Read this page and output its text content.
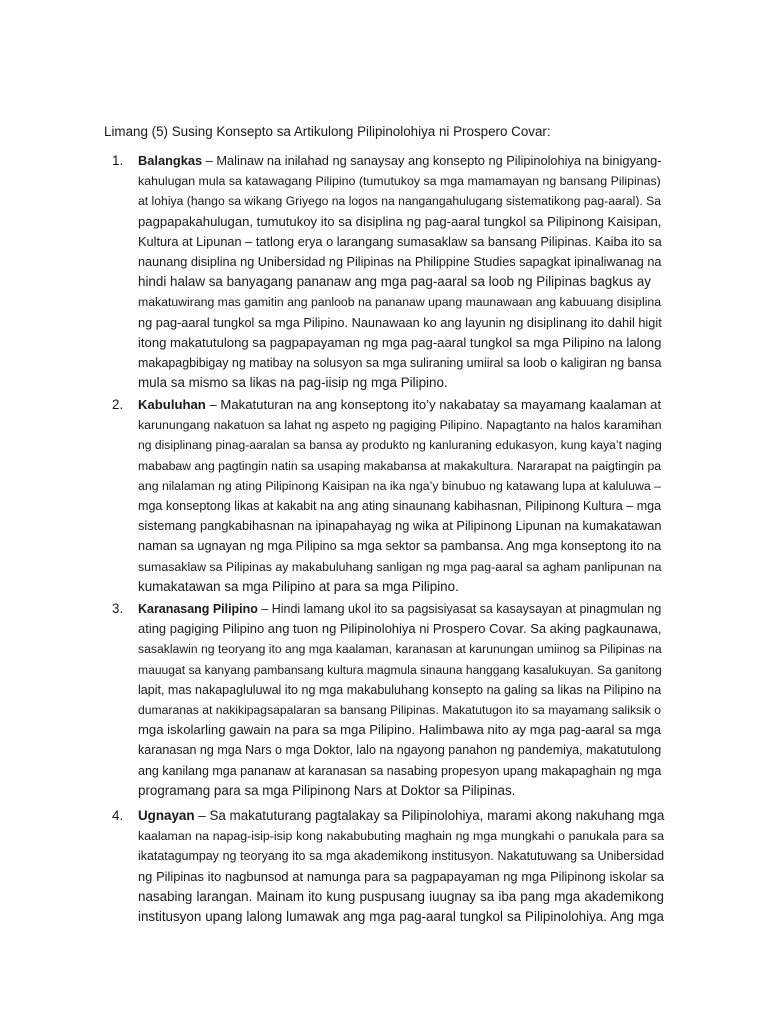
Limang (5) Susing Konsepto sa Artikulong Pilipinolohiya ni Prospero Covar:
1.	Balangkas – Malinaw na inilahad ng sanaysay ang konsepto ng Pilipinolohiya na binigyang-
kahulugan mula sa katawagang Pilipino (tumutukoy sa mga mamamayan ng bansang Pilipinas)
at lohiya (hango sa wikang Griyego na logos na nangangahulugang sistematikong pag-aaral). Sa
pagpapakahulugan, tumutukoy ito sa disiplina ng pag-aaral tungkol sa Pilipinong Kaisipan,
Kultura at Lipunan – tatlong erya o larangang sumasaklaw sa bansang Pilipinas. Kaiba ito sa
naunang disiplina ng Unibersidad ng Pilipinas na Philippine Studies sapagkat ipinaliwanag na
hindi halaw sa banyagang pananaw ang mga pag-aaral sa loob ng Pilipinas bagkus ay
makatuwirang mas gamitin ang panloob na pananaw upang maunawaan ang kabuuang disiplina
ng pag-aaral tungkol sa mga Pilipino. Naunawaan ko ang layunin ng disiplinang ito dahil higit
itong makatutulong sa pagpapayaman ng mga pag-aaral tungkol sa mga Pilipino na lalong
makapagbibigay ng matibay na solusyon sa mga suliraning umiiral sa loob o kaligiran ng bansa
mula sa mismo sa likas na pag-iisip ng mga Pilipino.
2.	Kabuluhan – Makatuturan na ang konseptong ito’y nakabatay sa mayamang kaalaman at
karunungang nakatuon sa lahat ng aspeto ng pagiging Pilipino. Napagtanto na halos karamihan
ng disiplinang pinag-aaralan sa bansa ay produkto ng kanluraning edukasyon, kung kaya’t naging
mababaw ang pagtingin natin sa usaping makabansa at makakultura. Nararapat na paigtingin pa
ang nilalaman ng ating Pilipinong Kaisipan na ika nga’y binubuo ng katawang lupa at kaluluwa –
mga konseptong likas at kakabit na ang ating sinaunang kabihasnan, Pilipinong Kultura – mga
sistemang pangkabihasnan na ipinapahayag ng wika at Pilipinong Lipunan na kumakatawan
naman sa ugnayan ng mga Pilipino sa mga sektor sa pambansa. Ang mga konseptong ito na
sumasaklaw sa Pilipinas ay makabuluhang sanligan ng mga pag-aaral sa agham panlipunan na
kumakatawan sa mga Pilipino at para sa mga Pilipino.
3.	Karanasang Pilipino – Hindi lamang ukol ito sa pagsisiyasat sa kasaysayan at pinagmulan ng
ating pagiging Pilipino ang tuon ng Pilipinolohiya ni Prospero Covar. Sa aking pagkaunawa,
sasaklawin ng teoryang ito ang mga kaalaman, karanasan at karunungan umiinog sa Pilipinas na
mauugat sa kanyang pambansang kultura magmula sinauna hanggang kasalukuyan. Sa ganitong
lapit, mas nakapagluluwal ito ng mga makabuluhang konsepto na galing sa likas na Pilipino na
dumaranas at nakikipagsapalaran sa bansang Pilipinas. Makatutugon ito sa mayamang saliksik o
mga iskolarling gawain na para sa mga Pilipino. Halimbawa nito ay mga pag-aaral sa mga
karanasan ng mga Nars o mga Doktor, lalo na ngayong panahon ng pandemiya, makatutulong
ang kanilang mga pananaw at karanasan sa nasabing propesyon upang makapaghain ng mga
programang para sa mga Pilipinong Nars at Doktor sa Pilipinas.
4.	Ugnayan – Sa makatuturang pagtalakay sa Pilipinolohiya, marami akong nakuhang mga
kaalaman na napag-isip-isip kong nakabubuting maghain ng mga mungkahi o panukala para sa
ikatatagumpay ng teoryang ito sa mga akademikong institusyon. Nakatutuwang sa Unibersidad
ng Pilipinas ito nagbunsod at namunga para sa pagpapayaman ng mga Pilipinong iskolar sa
nasabing larangan. Mainam ito kung puspusang iuugnay sa iba pang mga akademikong
institusyon upang lalong lumawak ang mga pag-aaral tungkol sa Pilipinolohiya. Ang mga
